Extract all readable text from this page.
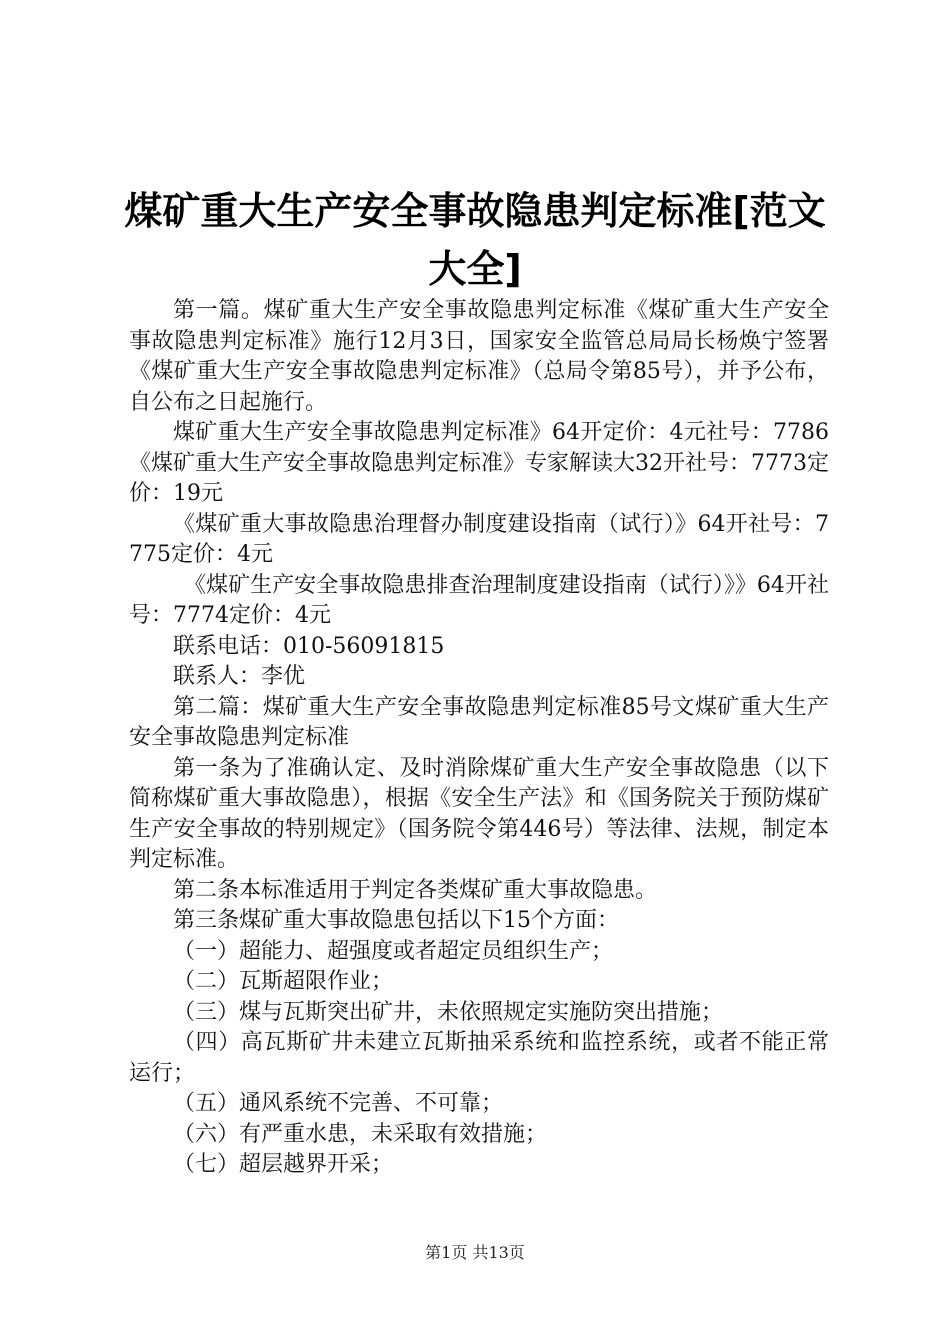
煤矿重大生产安全事故隐患判定标准[范文大全]

第一篇。煤矿重大生产安全事故隐患判定标准《煤矿重大生产安全事故隐患判定标准》施行12月3日，国家安全监管总局局长杨焕宁签署《煤矿重大生产安全事故隐患判定标准》（总局令第85号），并予公布，自公布之日起施行。

煤矿重大生产安全事故隐患判定标准》64开定价：4元社号：7786《煤矿重大生产安全事故隐患判定标准》专家解读大32开社号：7773定价：19元

《煤矿重大事故隐患治理督办制度建设指南（试行）》64开社号：7775定价：4元

《煤矿生产安全事故隐患排查治理制度建设指南（试行）》》64开社号：7774定价：4元

联系电话：010-56091815

联系人：李优

第二篇：煤矿重大生产安全事故隐患判定标准85号文煤矿重大生产安全事故隐患判定标准

第一条为了准确认定、及时消除煤矿重大生产安全事故隐患（以下简称煤矿重大事故隐患），根据《安全生产法》和《国务院关于预防煤矿生产安全事故的特别规定》（国务院令第446号）等法律、法规，制定本判定标准。

第二条本标准适用于判定各类煤矿重大事故隐患。

第三条煤矿重大事故隐患包括以下15个方面：

（一）超能力、超强度或者超定员组织生产；

（二）瓦斯超限作业；

（三）煤与瓦斯突出矿井，未依照规定实施防突出措施；

（四）高瓦斯矿井未建立瓦斯抽采系统和监控系统，或者不能正常运行；

（五）通风系统不完善、不可靠；

（六）有严重水患，未采取有效措施；

（七）超层越界开采；

第1页 共13页
